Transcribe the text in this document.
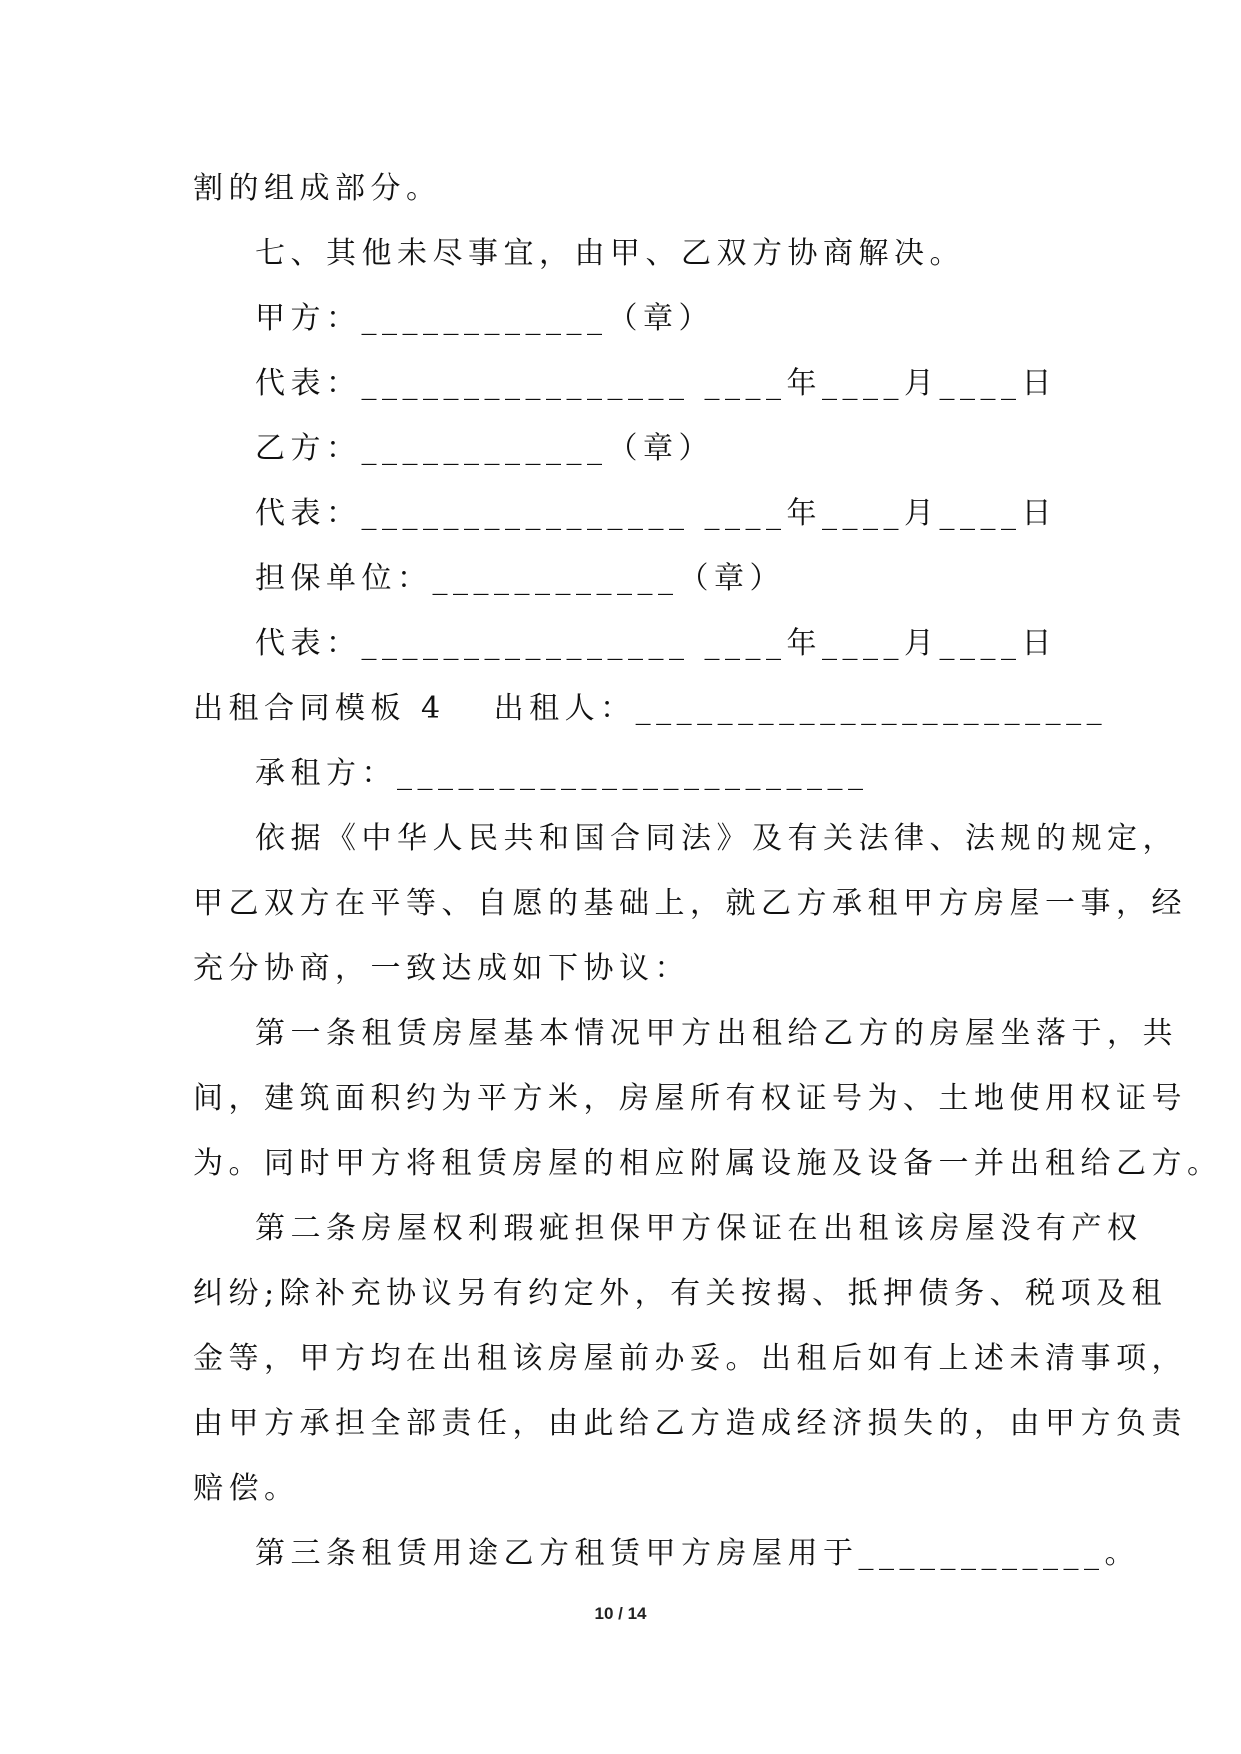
割的组成部分。
七、其他未尽事宜，由甲、乙双方协商解决。
甲方：____________（章）
代表：________________ ____年____月____日
乙方：____________（章）
代表：________________ ____年____月____日
担保单位：____________（章）
代表：________________ ____年____月____日
出租合同模板 4 出租人：_______________________
承租方：_______________________
依据《中华人民共和国合同法》及有关法律、法规的规定，
甲乙双方在平等、自愿的基础上，就乙方承租甲方房屋一事，经
充分协商，一致达成如下协议：
第一条租赁房屋基本情况甲方出租给乙方的房屋坐落于，共
间，建筑面积约为平方米，房屋所有权证号为、土地使用权证号
为。同时甲方将租赁房屋的相应附属设施及设备一并出租给乙方。
第二条房屋权利瑕疵担保甲方保证在出租该房屋没有产权
纠纷;除补充协议另有约定外，有关按揭、抵押债务、税项及租
金等，甲方均在出租该房屋前办妥。出租后如有上述未清事项，
由甲方承担全部责任，由此给乙方造成经济损失的，由甲方负责
赔偿。
第三条租赁用途乙方租赁甲方房屋用于____________。
10 / 14
